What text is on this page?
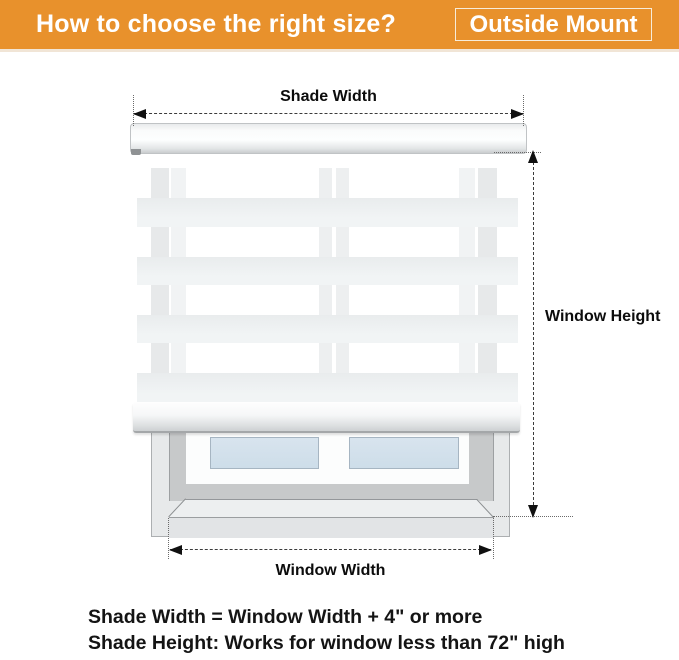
How to choose the right size?	Outside Mount
Shade Width
Window Height
Window Width

Shade Width = Window Width + 4" or more

Shade Height: Works for window less than 72" high
